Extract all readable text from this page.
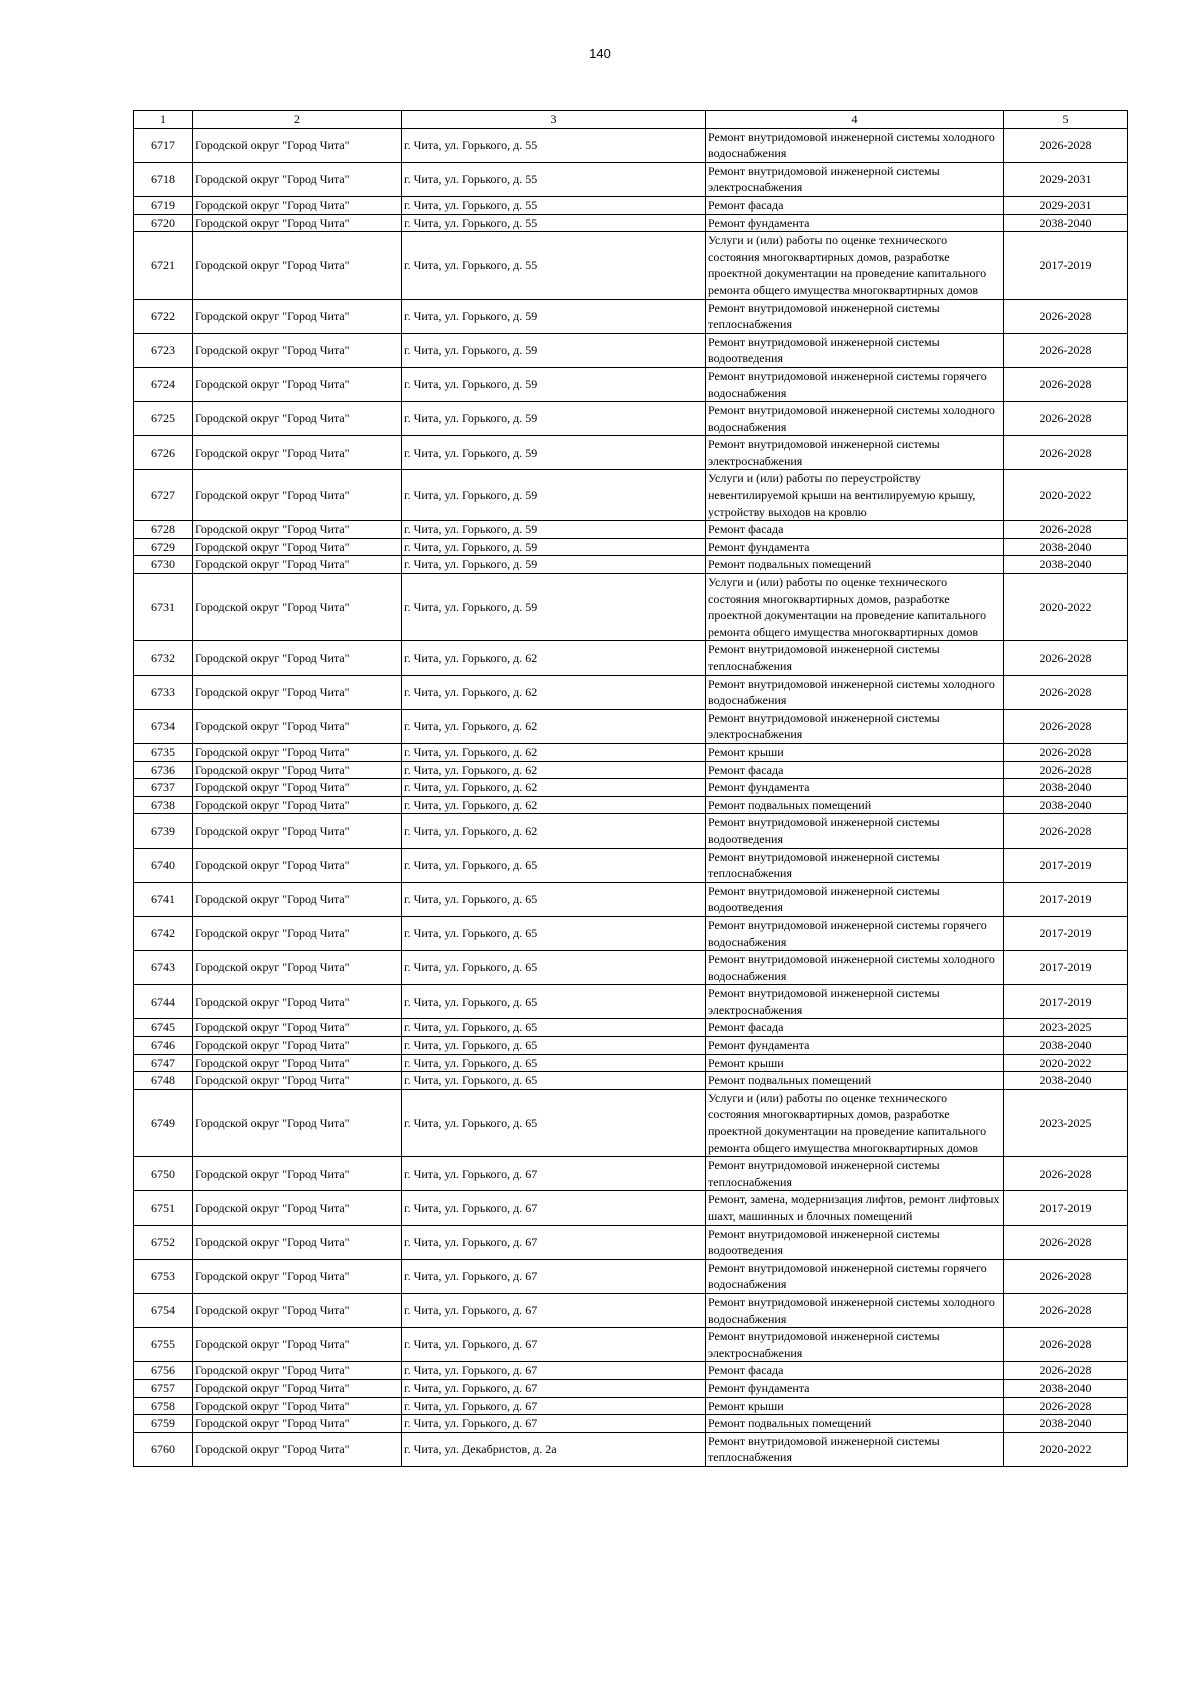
140
1	2	3	4	5
6717	Городской округ "Город Чита"	г. Чита, ул. Горького, д. 55	Ремонт внутридомовой инженерной системы холодного водоснабжения	2026-2028
6718	Городской округ "Город Чита"	г. Чита, ул. Горького, д. 55	Ремонт внутридомовой инженерной системы электроснабжения	2029-2031
6719	Городской округ "Город Чита"	г. Чита, ул. Горького, д. 55	Ремонт фасада	2029-2031
6720	Городской округ "Город Чита"	г. Чита, ул. Горького, д. 55	Ремонт фундамента	2038-2040
6721	Городской округ "Город Чита"	г. Чита, ул. Горького, д. 55	Услуги и (или) работы по оценке технического состояния многоквартирных домов, разработке проектной документации на проведение капитального ремонта общего имущества многоквартирных домов	2017-2019
6722	Городской округ "Город Чита"	г. Чита, ул. Горького, д. 59	Ремонт внутридомовой инженерной системы теплоснабжения	2026-2028
6723	Городской округ "Город Чита"	г. Чита, ул. Горького, д. 59	Ремонт внутридомовой инженерной системы водоотведения	2026-2028
6724	Городской округ "Город Чита"	г. Чита, ул. Горького, д. 59	Ремонт внутридомовой инженерной системы горячего водоснабжения	2026-2028
6725	Городской округ "Город Чита"	г. Чита, ул. Горького, д. 59	Ремонт внутридомовой инженерной системы холодного водоснабжения	2026-2028
6726	Городской округ "Город Чита"	г. Чита, ул. Горького, д. 59	Ремонт внутридомовой инженерной системы электроснабжения	2026-2028
6727	Городской округ "Город Чита"	г. Чита, ул. Горького, д. 59	Услуги и (или) работы по переустройству невентилируемой крыши на вентилируемую крышу, устройству выходов на кровлю	2020-2022
6728	Городской округ "Город Чита"	г. Чита, ул. Горького, д. 59	Ремонт фасада	2026-2028
6729	Городской округ "Город Чита"	г. Чита, ул. Горького, д. 59	Ремонт фундамента	2038-2040
6730	Городской округ "Город Чита"	г. Чита, ул. Горького, д. 59	Ремонт подвальных помещений	2038-2040
6731	Городской округ "Город Чита"	г. Чита, ул. Горького, д. 59	Услуги и (или) работы по оценке технического состояния многоквартирных домов, разработке проектной документации на проведение капитального ремонта общего имущества многоквартирных домов	2020-2022
6732	Городской округ "Город Чита"	г. Чита, ул. Горького, д. 62	Ремонт внутридомовой инженерной системы теплоснабжения	2026-2028
6733	Городской округ "Город Чита"	г. Чита, ул. Горького, д. 62	Ремонт внутридомовой инженерной системы холодного водоснабжения	2026-2028
6734	Городской округ "Город Чита"	г. Чита, ул. Горького, д. 62	Ремонт внутридомовой инженерной системы электроснабжения	2026-2028
6735	Городской округ "Город Чита"	г. Чита, ул. Горького, д. 62	Ремонт крыши	2026-2028
6736	Городской округ "Город Чита"	г. Чита, ул. Горького, д. 62	Ремонт фасада	2026-2028
6737	Городской округ "Город Чита"	г. Чита, ул. Горького, д. 62	Ремонт фундамента	2038-2040
6738	Городской округ "Город Чита"	г. Чита, ул. Горького, д. 62	Ремонт подвальных помещений	2038-2040
6739	Городской округ "Город Чита"	г. Чита, ул. Горького, д. 62	Ремонт внутридомовой инженерной системы водоотведения	2026-2028
6740	Городской округ "Город Чита"	г. Чита, ул. Горького, д. 65	Ремонт внутридомовой инженерной системы теплоснабжения	2017-2019
6741	Городской округ "Город Чита"	г. Чита, ул. Горького, д. 65	Ремонт внутридомовой инженерной системы водоотведения	2017-2019
6742	Городской округ "Город Чита"	г. Чита, ул. Горького, д. 65	Ремонт внутридомовой инженерной системы горячего водоснабжения	2017-2019
6743	Городской округ "Город Чита"	г. Чита, ул. Горького, д. 65	Ремонт внутридомовой инженерной системы холодного водоснабжения	2017-2019
6744	Городской округ "Город Чита"	г. Чита, ул. Горького, д. 65	Ремонт внутридомовой инженерной системы электроснабжения	2017-2019
6745	Городской округ "Город Чита"	г. Чита, ул. Горького, д. 65	Ремонт фасада	2023-2025
6746	Городской округ "Город Чита"	г. Чита, ул. Горького, д. 65	Ремонт фундамента	2038-2040
6747	Городской округ "Город Чита"	г. Чита, ул. Горького, д. 65	Ремонт крыши	2020-2022
6748	Городской округ "Город Чита"	г. Чита, ул. Горького, д. 65	Ремонт подвальных помещений	2038-2040
6749	Городской округ "Город Чита"	г. Чита, ул. Горького, д. 65	Услуги и (или) работы по оценке технического состояния многоквартирных домов, разработке проектной документации на проведение капитального ремонта общего имущества многоквартирных домов	2023-2025
6750	Городской округ "Город Чита"	г. Чита, ул. Горького, д. 67	Ремонт внутридомовой инженерной системы теплоснабжения	2026-2028
6751	Городской округ "Город Чита"	г. Чита, ул. Горького, д. 67	Ремонт, замена, модернизация лифтов, ремонт лифтовых шахт, машинных и блочных помещений	2017-2019
6752	Городской округ "Город Чита"	г. Чита, ул. Горького, д. 67	Ремонт внутридомовой инженерной системы водоотведения	2026-2028
6753	Городской округ "Город Чита"	г. Чита, ул. Горького, д. 67	Ремонт внутридомовой инженерной системы горячего водоснабжения	2026-2028
6754	Городской округ "Город Чита"	г. Чита, ул. Горького, д. 67	Ремонт внутридомовой инженерной системы холодного водоснабжения	2026-2028
6755	Городской округ "Город Чита"	г. Чита, ул. Горького, д. 67	Ремонт внутридомовой инженерной системы электроснабжения	2026-2028
6756	Городской округ "Город Чита"	г. Чита, ул. Горького, д. 67	Ремонт фасада	2026-2028
6757	Городской округ "Город Чита"	г. Чита, ул. Горького, д. 67	Ремонт фундамента	2038-2040
6758	Городской округ "Город Чита"	г. Чита, ул. Горького, д. 67	Ремонт крыши	2026-2028
6759	Городской округ "Город Чита"	г. Чита, ул. Горького, д. 67	Ремонт подвальных помещений	2038-2040
6760	Городской округ "Город Чита"	г. Чита, ул. Декабристов, д. 2а	Ремонт внутридомовой инженерной системы теплоснабжения	2020-2022
